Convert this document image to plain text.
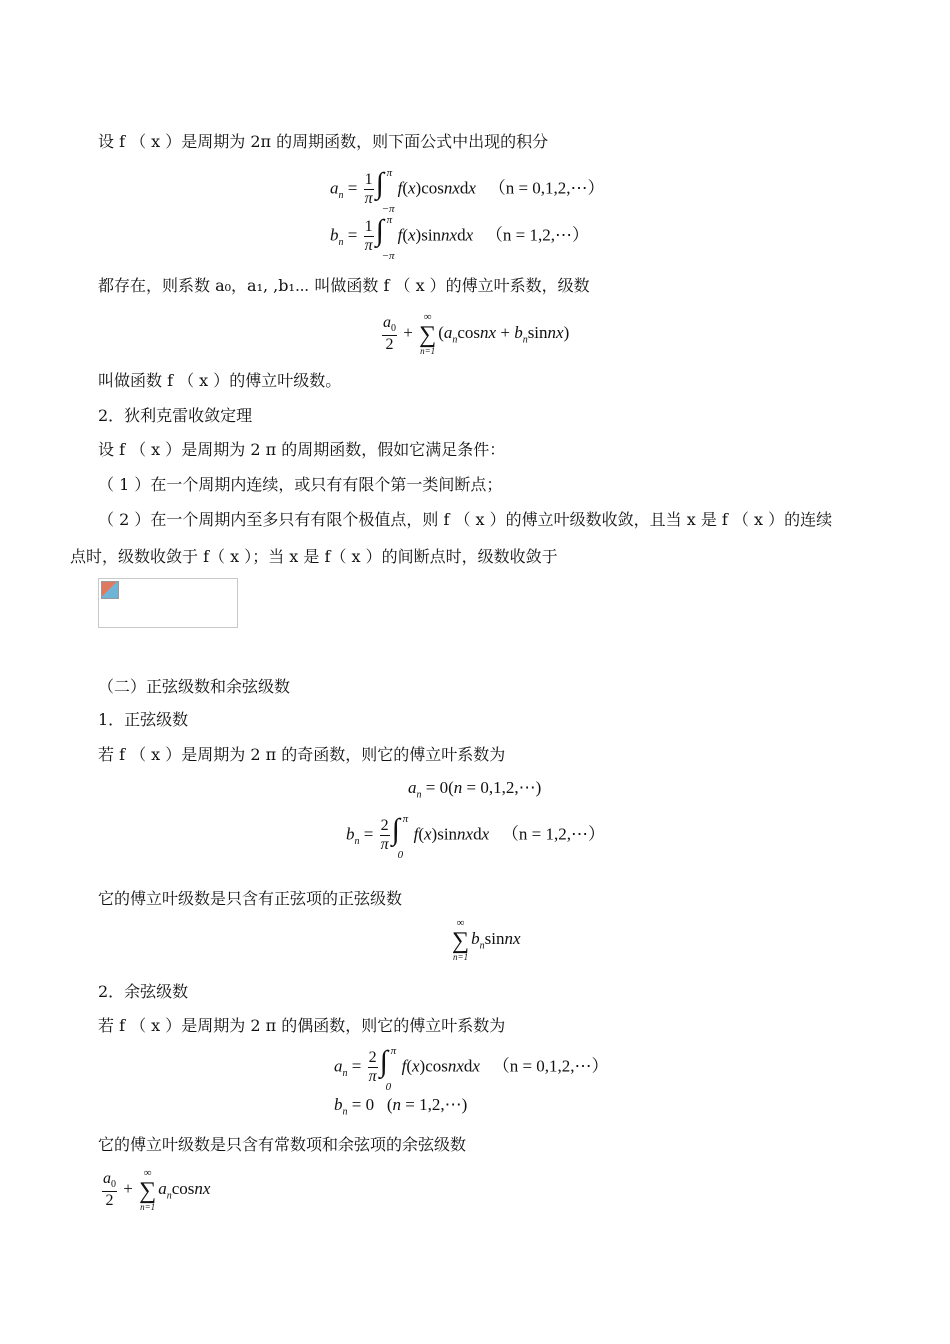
设 f （ x ）是周期为 2π 的周期函数，则下面公式中出现的积分
$a_n = \frac{1}{\pi}$ ∫ π
−π
f(x)cosnxdx （n = 0,1,2,⋯）
$b_n = \frac{1}{\pi}$ ∫ π
−π
f(x)sinnxdx （n = 1,2,⋯）
都存在，则系数 a₀，a₁, ,b₁⋯ 叫做函数 f （ x ）的傅立叶系数，级数
$\frac{a_0}{2}$ +
∞
∑
n=1
($a_ncosnx$ + $b_nsinnx$)
叫做函数 f （ x ）的傅立叶级数。
2．狄利克雷收敛定理
设 f （ x ）是周期为 2 π 的周期函数，假如它满足条件：
（ 1 ）在一个周期内连续，或只有有限个第一类间断点；
（ 2 ）在一个周期内至多只有有限个极值点，则 f （ x ）的傅立叶级数收敛，且当 x 是 f （ x ）的连续
点时，级数收敛于 f（ x ）；当 x 是 f（ x ）的间断点时，级数收敛于
（二）正弦级数和余弦级数
1．正弦级数
若 f （ x ）是周期为 2 π 的奇函数，则它的傅立叶系数为
$a_n = 0(n$ = 0,1,2,⋯)
$b_n = \frac{2}{\pi}$ ∫ π
0
f(x)sinnxdx （n = 1,2,⋯）
它的傅立叶级数是只含有正弦项的正弦级数
∞
∑
n=1
$b_nsinnx$
2．余弦级数
若 f （ x ）是周期为 2 π 的偶函数，则它的傅立叶系数为
$a_n = \frac{2}{\pi}$ ∫ π
0
f(x)cosnxdx （n = 0,1,2,⋯）
$b_n = 0$   (n = 1,2,⋯)
它的傅立叶级数是只含有常数项和余弦项的余弦级数
$\frac{a_0}{2}$ +
∞
∑
n=1
$a_ncosnx$
